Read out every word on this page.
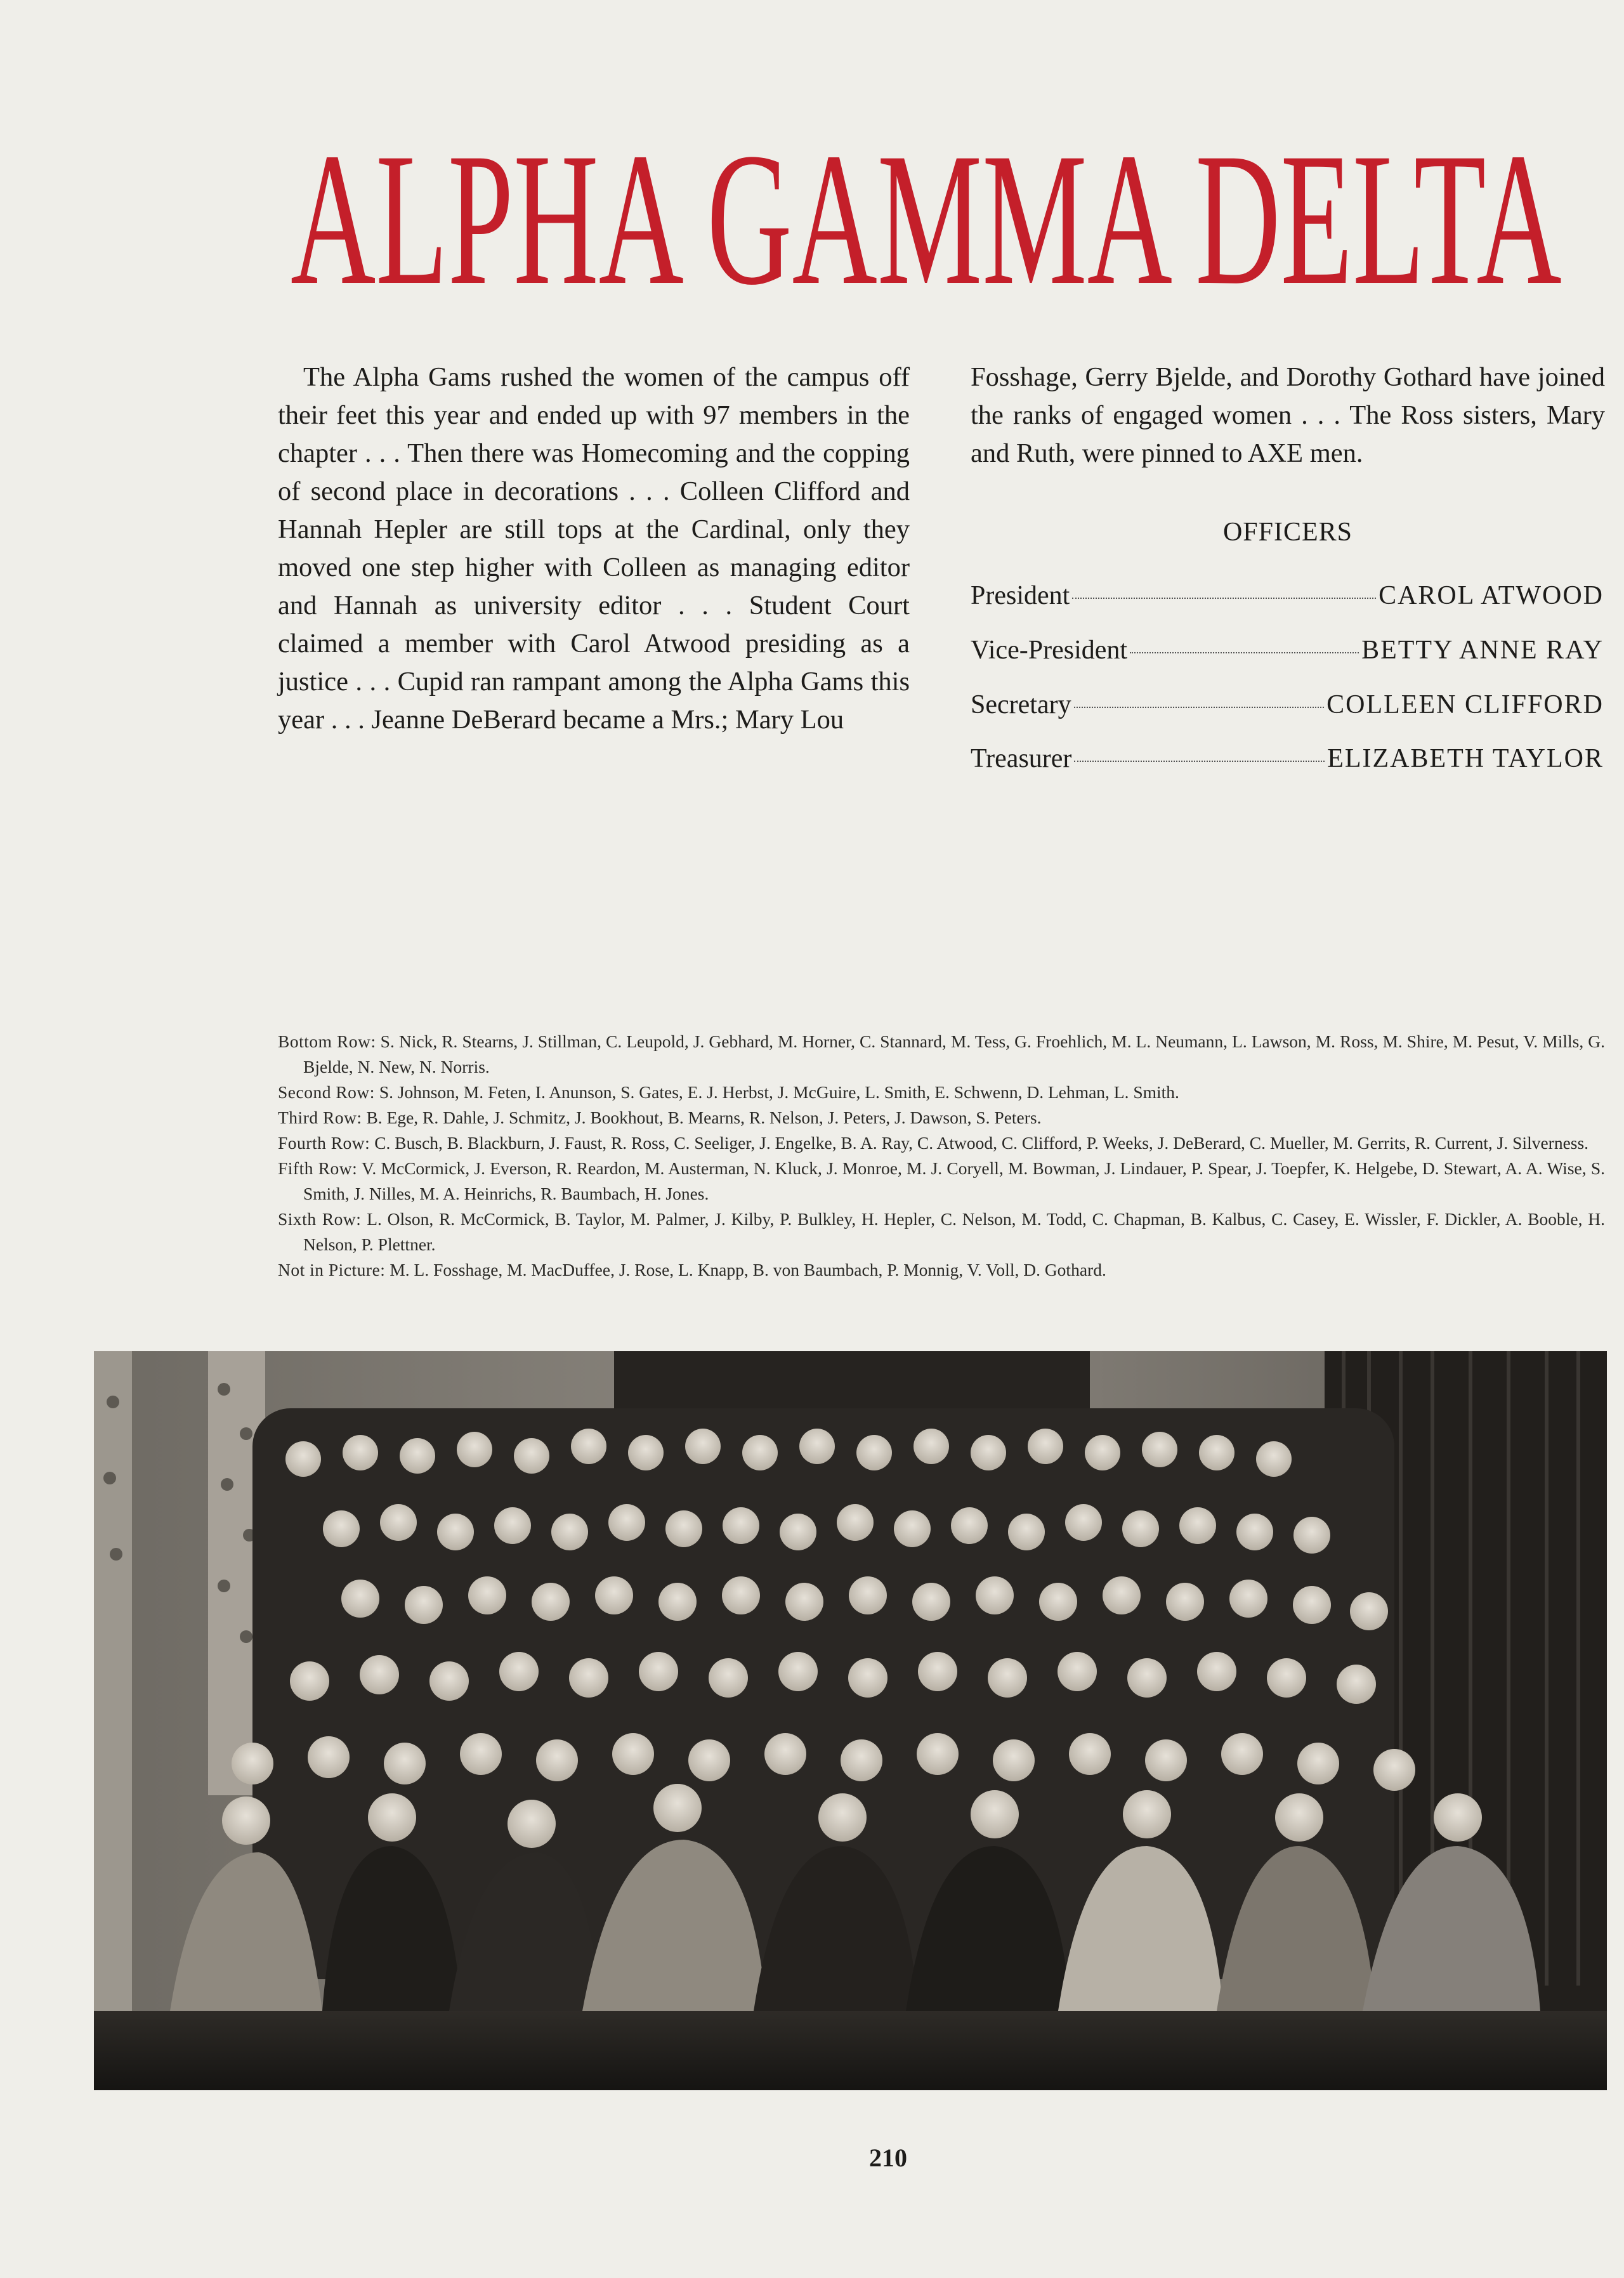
ALPHA GAMMA DELTA

The Alpha Gams rushed the women of the campus off their feet this year and ended up with 97 members in the chapter . . . Then there was Homecoming and the copping of second place in decorations . . . Colleen Clifford and Hannah Hepler are still tops at the Cardinal, only they moved one step higher with Colleen as managing editor and Hannah as university editor . . . Student Court claimed a member with Carol Atwood presiding as a justice . . . Cupid ran rampant among the Alpha Gams this year . . . Jeanne DeBerard became a Mrs.; Mary Lou

Fosshage, Gerry Bjelde, and Dorothy Gothard have joined the ranks of engaged women . . . The Ross sisters, Mary and Ruth, were pinned to AXE men.

OFFICERS
President	CAROL ATWOOD
Vice-President	BETTY ANNE RAY
Secretary	COLLEEN CLIFFORD
Treasurer	ELIZABETH TAYLOR

Bottom Row: S. Nick, R. Stearns, J. Stillman, C. Leupold, J. Gebhard, M. Horner, C. Stannard, M. Tess, G. Froehlich, M. L. Neumann, L. Lawson, M. Ross, M. Shire, M. Pesut, V. Mills, G. Bjelde, N. New, N. Norris.

Second Row: S. Johnson, M. Feten, I. Anunson, S. Gates, E. J. Herbst, J. McGuire, L. Smith, E. Schwenn, D. Lehman, L. Smith.

Third Row: B. Ege, R. Dahle, J. Schmitz, J. Bookhout, B. Mearns, R. Nelson, J. Peters, J. Dawson, S. Peters.

Fourth Row: C. Busch, B. Blackburn, J. Faust, R. Ross, C. Seeliger, J. Engelke, B. A. Ray, C. Atwood, C. Clifford, P. Weeks, J. DeBerard, C. Mueller, M. Gerrits, R. Current, J. Silverness.

Fifth Row: V. McCormick, J. Everson, R. Reardon, M. Austerman, N. Kluck, J. Monroe, M. J. Coryell, M. Bowman, J. Lindauer, P. Spear, J. Toepfer, K. Helgebe, D. Stewart, A. A. Wise, S. Smith, J. Nilles, M. A. Heinrichs, R. Baumbach, H. Jones.

Sixth Row: L. Olson, R. McCormick, B. Taylor, M. Palmer, J. Kilby, P. Bulkley, H. Hepler, C. Nelson, M. Todd, C. Chapman, B. Kalbus, C. Casey, E. Wissler, F. Dickler, A. Booble, H. Nelson, P. Plettner.

Not in Picture: M. L. Fosshage, M. MacDuffee, J. Rose, L. Knapp, B. von Baumbach, P. Monnig, V. Voll, D. Gothard.

210
